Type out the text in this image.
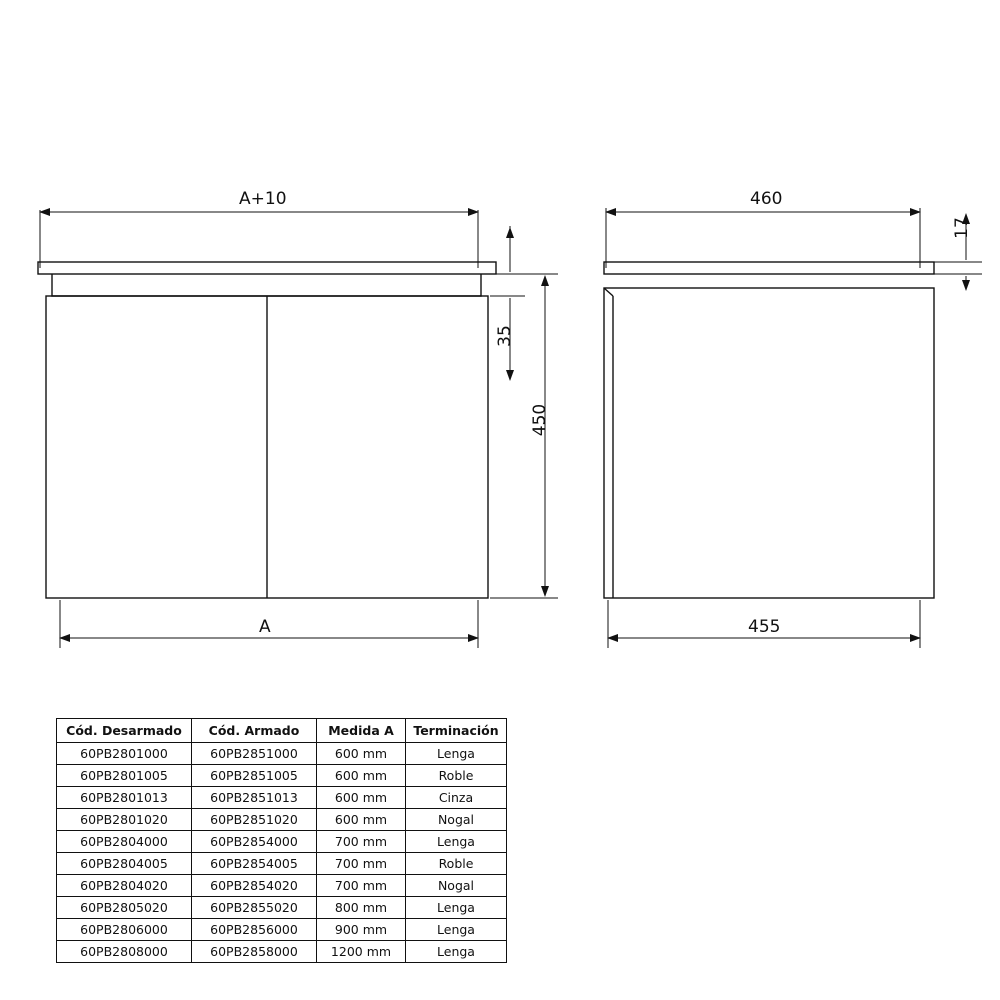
A+10
A
35
450
460
17
455
Cód. Desarmado	Cód. Armado	Medida A	Terminación
60PB2801000	60PB2851000	600 mm	Lenga
60PB2801005	60PB2851005	600 mm	Roble
60PB2801013	60PB2851013	600 mm	Cinza
60PB2801020	60PB2851020	600 mm	Nogal
60PB2804000	60PB2854000	700 mm	Lenga
60PB2804005	60PB2854005	700 mm	Roble
60PB2804020	60PB2854020	700 mm	Nogal
60PB2805020	60PB2855020	800 mm	Lenga
60PB2806000	60PB2856000	900 mm	Lenga
60PB2808000	60PB2858000	1200 mm	Lenga
